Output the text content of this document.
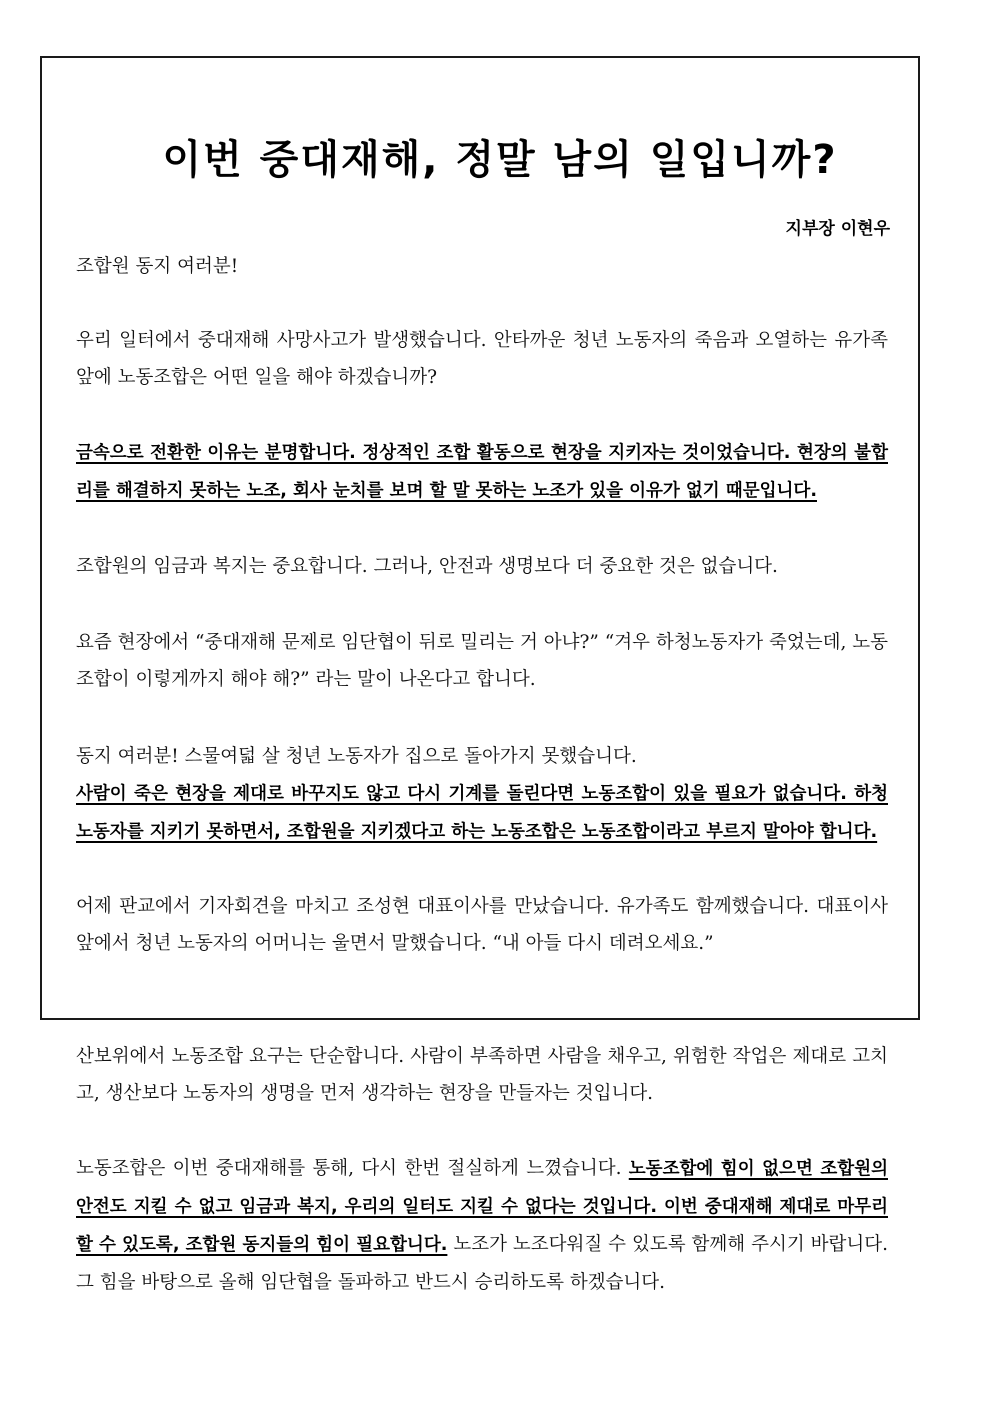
이번 중대재해, 정말 남의 일입니까?
지부장 이현우

조합원 동지 여러분!

우리 일터에서 중대재해 사망사고가 발생했습니다. 안타까운 청년 노동자의 죽음과 오열하는 유가족 앞에 노동조합은 어떤 일을 해야 하겠습니까?

금속으로 전환한 이유는 분명합니다. 정상적인 조합 활동으로 현장을 지키자는 것이었습니다. 현장의 불합리를 해결하지 못하는 노조, 회사 눈치를 보며 할 말 못하는 노조가 있을 이유가 없기 때문입니다.

조합원의 임금과 복지는 중요합니다. 그러나, 안전과 생명보다 더 중요한 것은 없습니다.

요즘 현장에서 “중대재해 문제로 임단협이 뒤로 밀리는 거 아냐?” “겨우 하청노동자가 죽었는데, 노동조합이 이렇게까지 해야 해?” 라는 말이 나온다고 합니다.

동지 여러분! 스물여덟 살 청년 노동자가 집으로 돌아가지 못했습니다.
사람이 죽은 현장을 제대로 바꾸지도 않고 다시 기계를 돌린다면 노동조합이 있을 필요가 없습니다. 하청노동자를 지키기 못하면서, 조합원을 지키겠다고 하는 노동조합은 노동조합이라고 부르지 말아야 합니다.

어제 판교에서 기자회견을 마치고 조성현 대표이사를 만났습니다. 유가족도 함께했습니다. 대표이사 앞에서 청년 노동자의 어머니는 울면서 말했습니다. “내 아들 다시 데려오세요.”

산보위에서 노동조합 요구는 단순합니다. 사람이 부족하면 사람을 채우고, 위험한 작업은 제대로 고치고, 생산보다 노동자의 생명을 먼저 생각하는 현장을 만들자는 것입니다.

노동조합은 이번 중대재해를 통해, 다시 한번 절실하게 느꼈습니다. 노동조합에 힘이 없으면 조합원의 안전도 지킬 수 없고 임금과 복지, 우리의 일터도 지킬 수 없다는 것입니다. 이번 중대재해 제대로 마무리할 수 있도록, 조합원 동지들의 힘이 필요합니다. 노조가 노조다워질 수 있도록 함께해 주시기 바랍니다. 그 힘을 바탕으로 올해 임단협을 돌파하고 반드시 승리하도록 하겠습니다.
